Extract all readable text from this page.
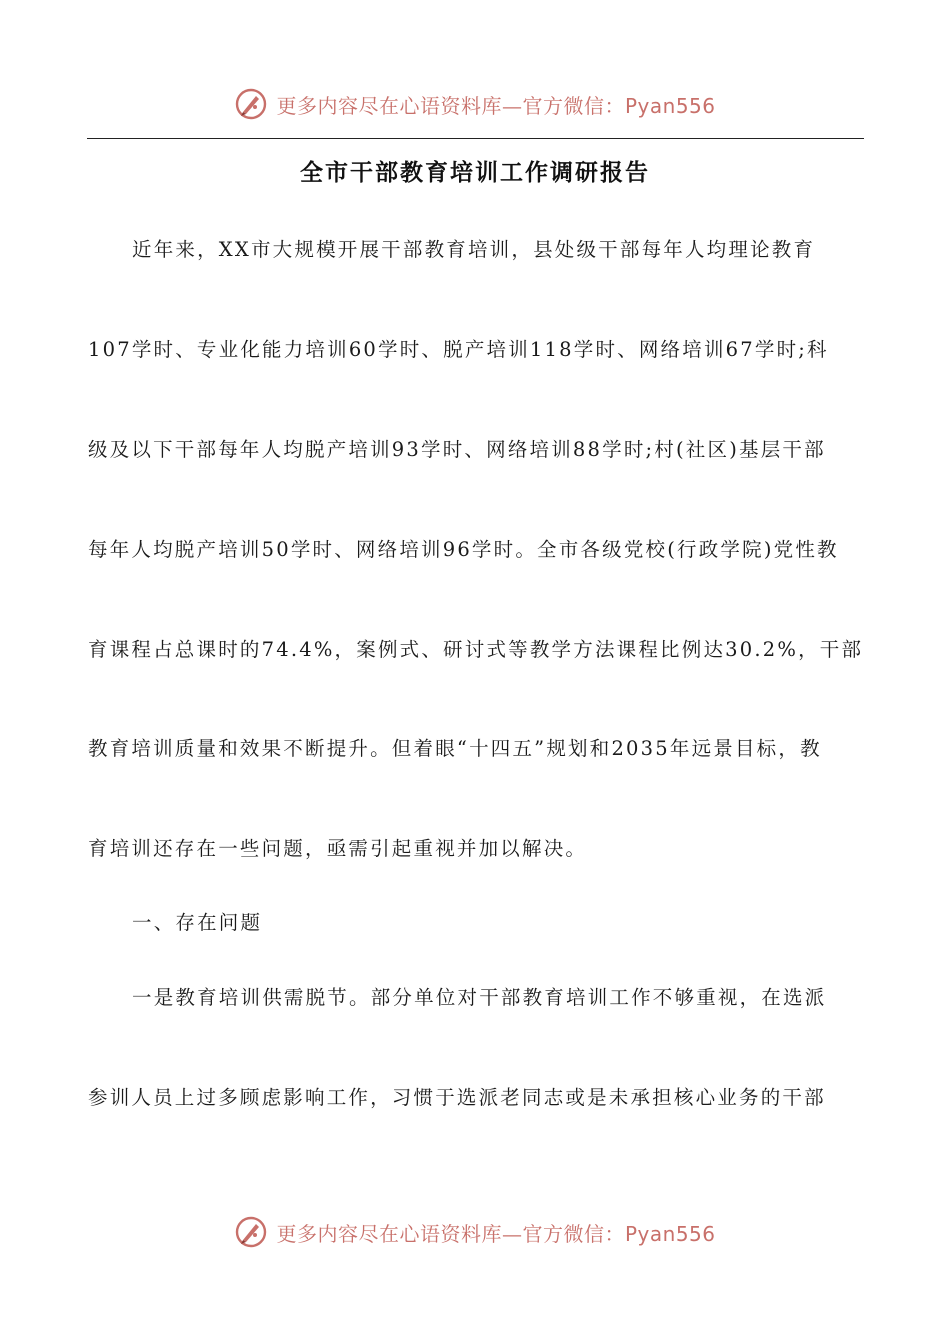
更多内容尽在心语资料库—官方微信：Pyan556
全市干部教育培训工作调研报告
近年来，XX市大规模开展干部教育培训，县处级干部每年人均理论教育
107学时、专业化能力培训60学时、脱产培训118学时、网络培训67学时;科
级及以下干部每年人均脱产培训93学时、网络培训88学时;村(社区)基层干部
每年人均脱产培训50学时、网络培训96学时。全市各级党校(行政学院)党性教
育课程占总课时的74.4%，案例式、研讨式等教学方法课程比例达30.2%，干部
教育培训质量和效果不断提升。但着眼“十四五”规划和2035年远景目标，教
育培训还存在一些问题，亟需引起重视并加以解决。
一、存在问题
一是教育培训供需脱节。部分单位对干部教育培训工作不够重视，在选派
参训人员上过多顾虑影响工作，习惯于选派老同志或是未承担核心业务的干部
更多内容尽在心语资料库—官方微信：Pyan556
